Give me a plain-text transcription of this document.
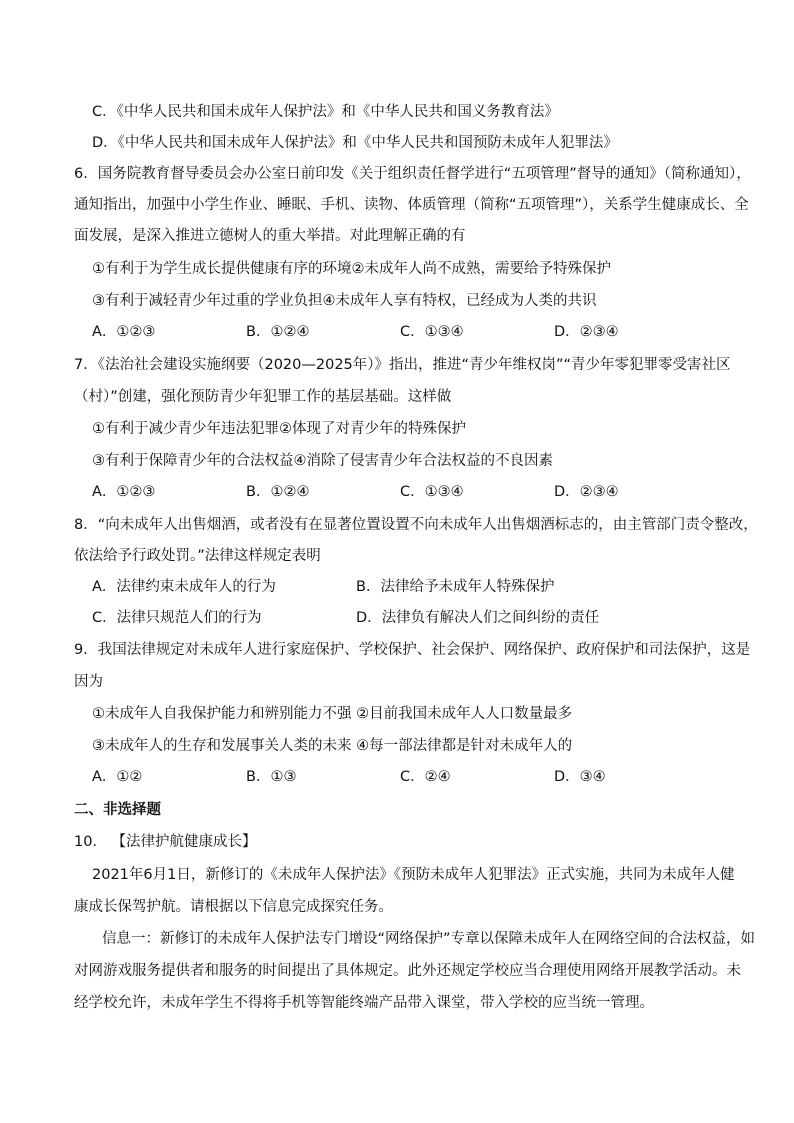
C．《中华人民共和国未成年人保护法》和《中华人民共和国义务教育法》
D．《中华人民共和国未成年人保护法》和《中华人民共和国预防未成年人犯罪法》
6．国务院教育督导委员会办公室日前印发《关于组织责任督学进行“五项管理”督导的通知》（简称通知），
通知指出，加强中小学生作业、睡眠、手机、读物、体质管理（简称“五项管理”），关系学生健康成长、全
面发展，是深入推进立德树人的重大举措。对此理解正确的有
①有利于为学生成长提供健康有序的环境②未成年人尚不成熟，需要给予特殊保护
③有利于减轻青少年过重的学业负担④未成年人享有特权，已经成为人类的共识
A．①②③	B．①②④	C．①③④	D．②③④
7．《法治社会建设实施纲要（2020—2025年）》指出，推进“青少年维权岗”“青少年零犯罪零受害社区
（村）”创建，强化预防青少年犯罪工作的基层基础。这样做
①有利于减少青少年违法犯罪②体现了对青少年的特殊保护
③有利于保障青少年的合法权益④消除了侵害青少年合法权益的不良因素
A．①②③	B．①②④	C．①③④	D．②③④
8．“向未成年人出售烟酒，或者没有在显著位置设置不向未成年人出售烟酒标志的，由主管部门责令整改，
依法给予行政处罚。”法律这样规定表明
A．法律约束未成年人的行为	B．法律给予未成年人特殊保护
C．法律只规范人们的行为	D．法律负有解决人们之间纠纷的责任
9．我国法律规定对未成年人进行家庭保护、学校保护、社会保护、网络保护、政府保护和司法保护，这是
因为
①未成年人自我保护能力和辨别能力不强 ②目前我国未成年人人口数量最多
③未成年人的生存和发展事关人类的未来 ④每一部法律都是针对未成年人的
A．①②	B．①③	C．②④	D．③④
二、非选择题
10． 【法律护航健康成长】
2021年6月1日，新修订的《未成年人保护法》《预防未成年人犯罪法》正式实施，共同为未成年人健
康成长保驾护航。请根据以下信息完成探究任务。
信息一：新修订的未成年人保护法专门增设“网络保护”专章以保障未成年人在网络空间的合法权益，如
对网游戏服务提供者和服务的时间提出了具体规定。此外还规定学校应当合理使用网络开展教学活动。未
经学校允许，未成年学生不得将手机等智能终端产品带入课堂，带入学校的应当统一管理。
